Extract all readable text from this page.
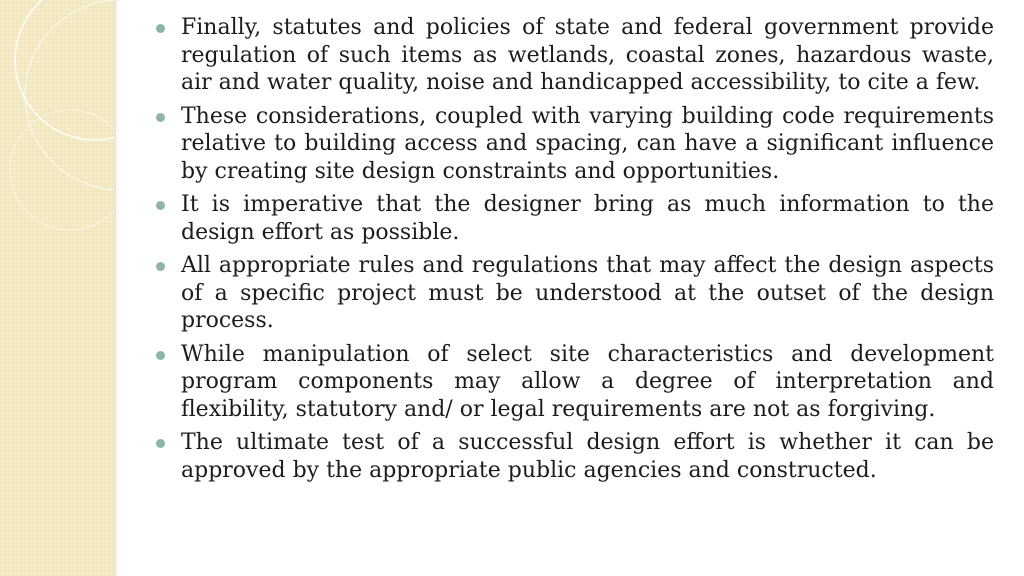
Finally, statutes and policies of state and federal government provide regulation of such items as wetlands, coastal zones, hazardous waste, air and water quality, noise and handicapped accessibility, to cite a few.
These considerations, coupled with varying building code requirements relative to building access and spacing, can have a significant influence by creating site design constraints and opportunities.
It is imperative that the designer bring as much information to the design effort as possible.
All appropriate rules and regulations that may affect the design aspects of a specific project must be understood at the outset of the design process.
While manipulation of select site characteristics and development program components may allow a degree of interpretation and flexibility, statutory and/ or legal requirements are not as forgiving.
The ultimate test of a successful design effort is whether it can be approved by the appropriate public agencies and constructed.
